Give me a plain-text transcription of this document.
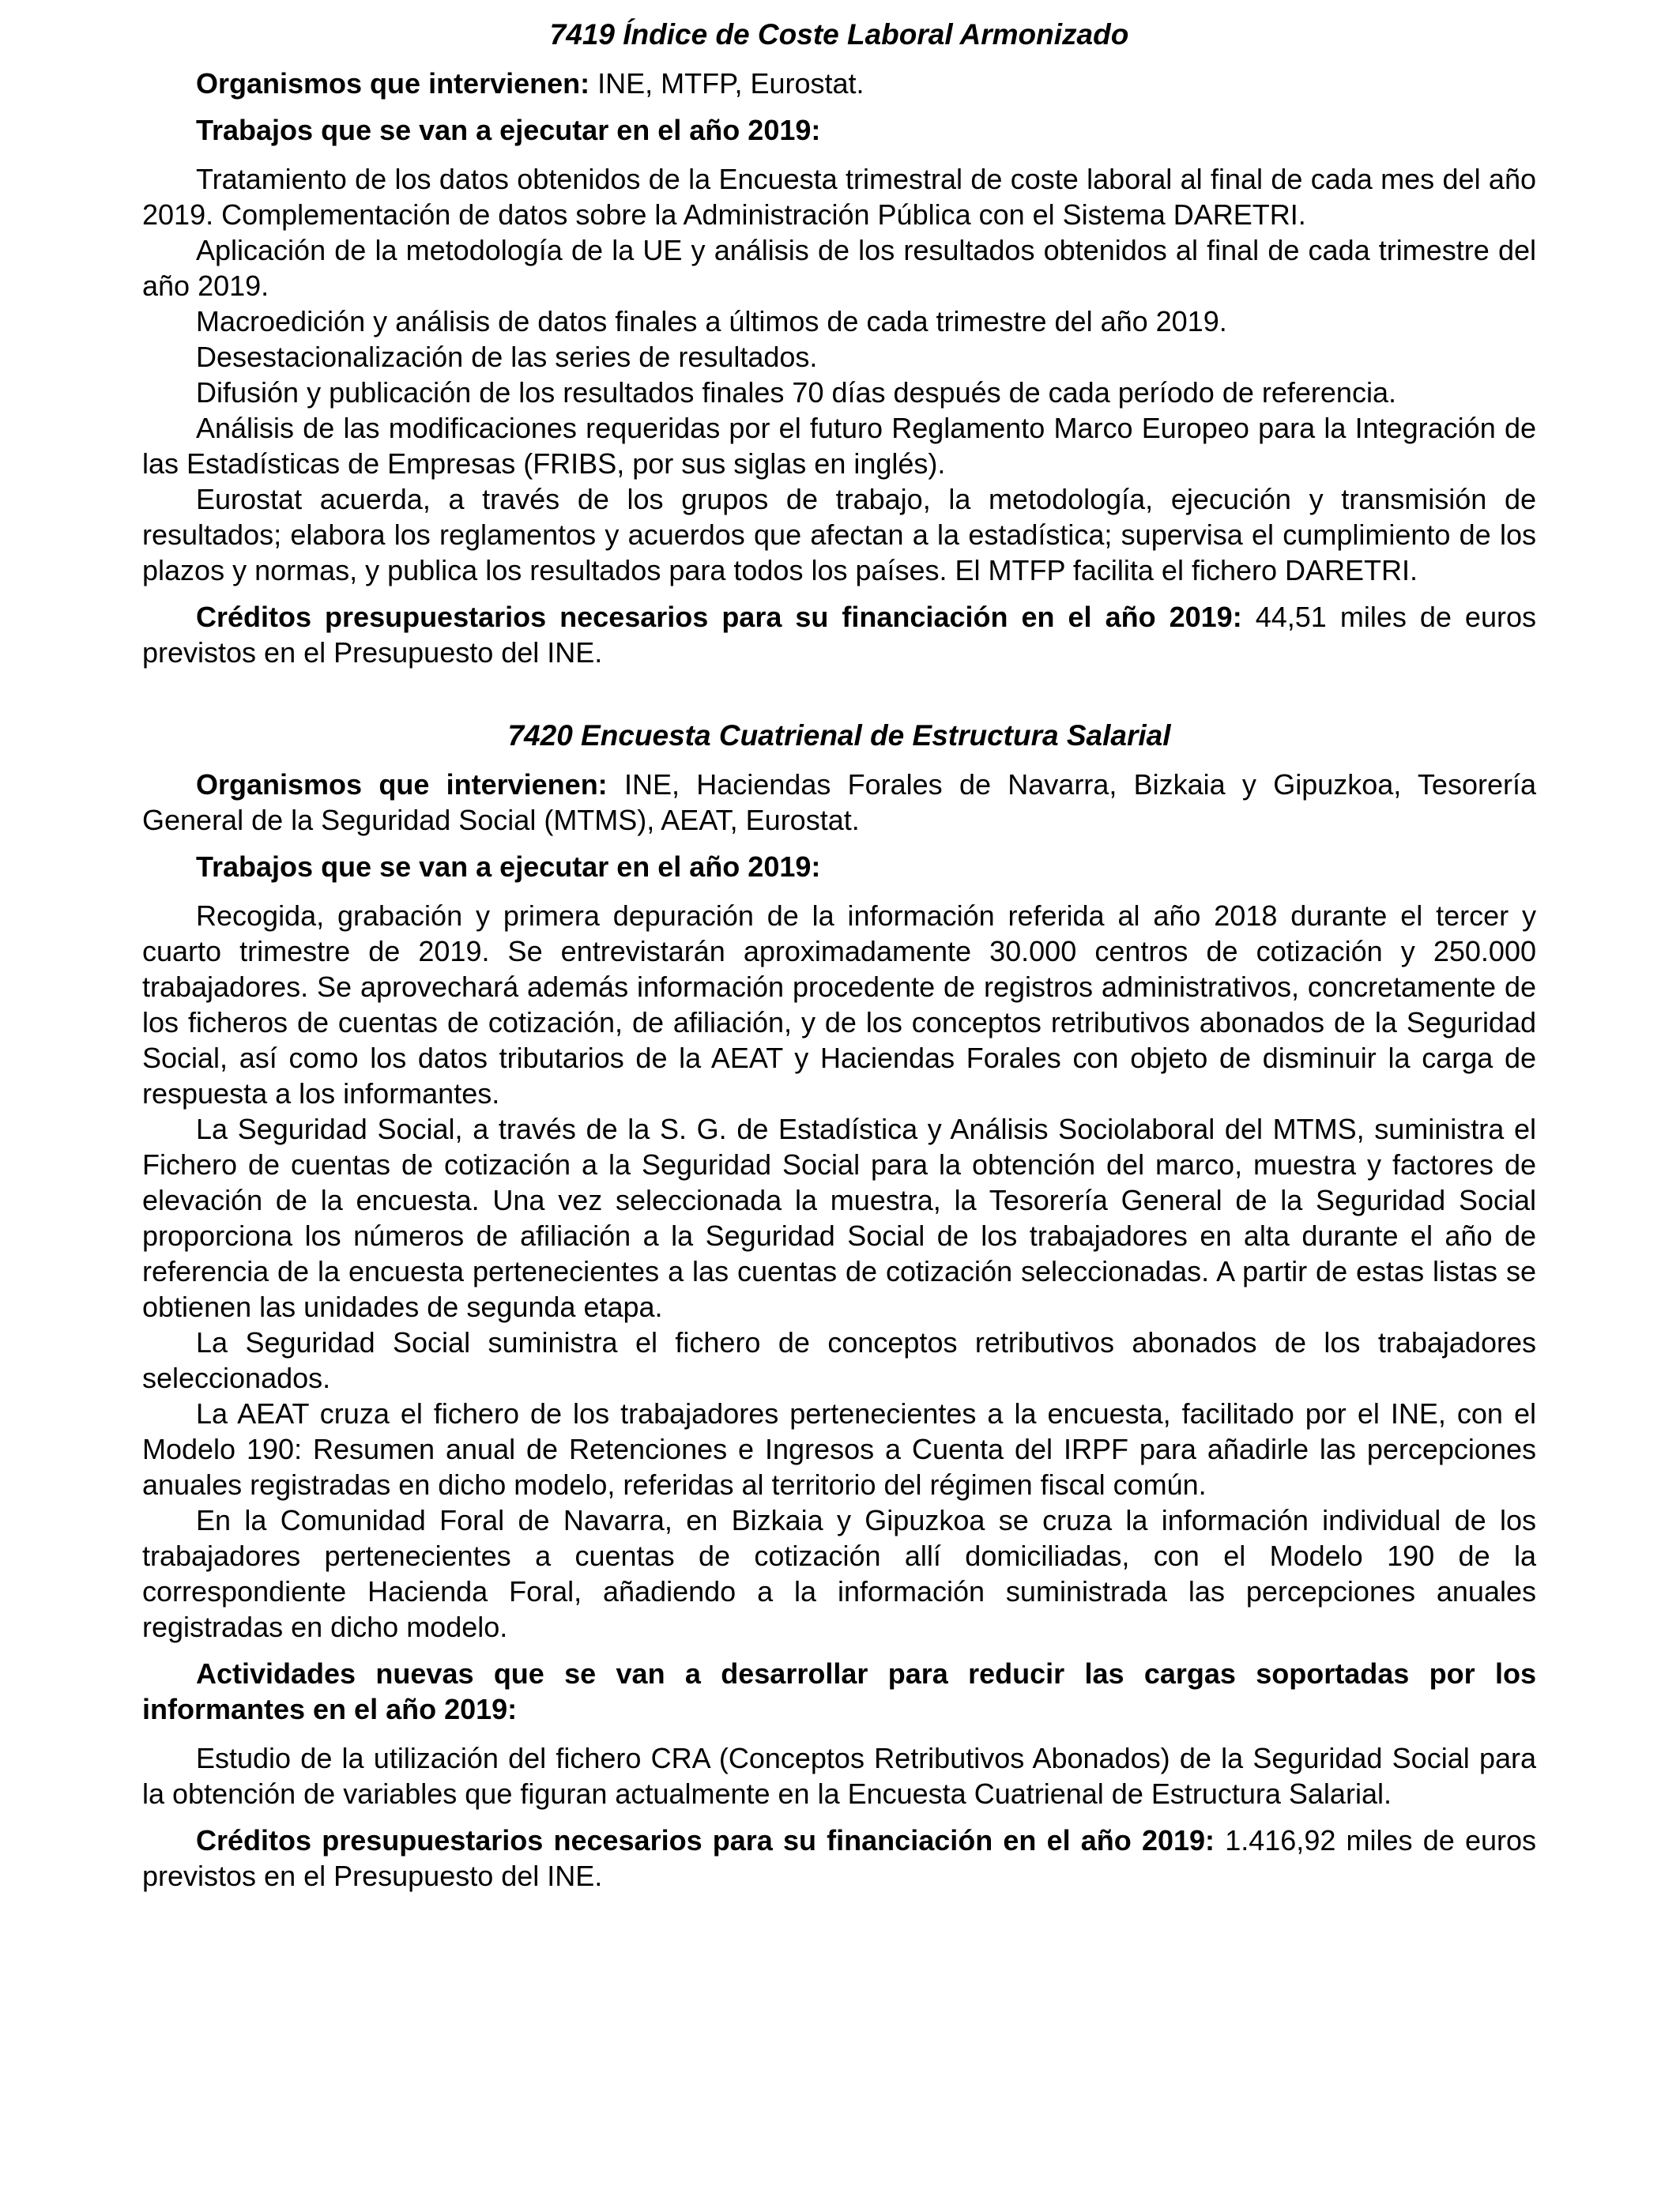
7419 Índice de Coste Laboral Armonizado

Organismos que intervienen: INE, MTFP, Eurostat.

Trabajos que se van a ejecutar en el año 2019:

Tratamiento de los datos obtenidos de la Encuesta trimestral de coste laboral al final de cada mes del año 2019. Complementación de datos sobre la Administración Pública con el Sistema DARETRI.

Aplicación de la metodología de la UE y análisis de los resultados obtenidos al final de cada trimestre del año 2019.

Macroedición y análisis de datos finales a últimos de cada trimestre del año 2019.

Desestacionalización de las series de resultados.

Difusión y publicación de los resultados finales 70 días después de cada período de referencia.

Análisis de las modificaciones requeridas por el futuro Reglamento Marco Europeo para la Integración de las Estadísticas de Empresas (FRIBS, por sus siglas en inglés).

Eurostat acuerda, a través de los grupos de trabajo, la metodología, ejecución y transmisión de resultados; elabora los reglamentos y acuerdos que afectan a la estadística; supervisa el cumplimiento de los plazos y normas, y publica los resultados para todos los países. El MTFP facilita el fichero DARETRI.

Créditos presupuestarios necesarios para su financiación en el año 2019: 44,51 miles de euros previstos en el Presupuesto del INE.

7420 Encuesta Cuatrienal de Estructura Salarial

Organismos que intervienen: INE, Haciendas Forales de Navarra, Bizkaia y Gipuzkoa, Tesorería General de la Seguridad Social (MTMS), AEAT, Eurostat.

Trabajos que se van a ejecutar en el año 2019:

Recogida, grabación y primera depuración de la información referida al año 2018 durante el tercer y cuarto trimestre de 2019. Se entrevistarán aproximadamente 30.000 centros de cotización y 250.000 trabajadores. Se aprovechará además información procedente de registros administrativos, concretamente de los ficheros de cuentas de cotización, de afiliación, y de los conceptos retributivos abonados de la Seguridad Social, así como los datos tributarios de la AEAT y Haciendas Forales con objeto de disminuir la carga de respuesta a los informantes.

La Seguridad Social, a través de la S. G. de Estadística y Análisis Sociolaboral del MTMS, suministra el Fichero de cuentas de cotización a la Seguridad Social para la obtención del marco, muestra y factores de elevación de la encuesta. Una vez seleccionada la muestra, la Tesorería General de la Seguridad Social proporciona los números de afiliación a la Seguridad Social de los trabajadores en alta durante el año de referencia de la encuesta pertenecientes a las cuentas de cotización seleccionadas. A partir de estas listas se obtienen las unidades de segunda etapa.

La Seguridad Social suministra el fichero de conceptos retributivos abonados de los trabajadores seleccionados.

La AEAT cruza el fichero de los trabajadores pertenecientes a la encuesta, facilitado por el INE, con el Modelo 190: Resumen anual de Retenciones e Ingresos a Cuenta del IRPF para añadirle las percepciones anuales registradas en dicho modelo, referidas al territorio del régimen fiscal común.

En la Comunidad Foral de Navarra, en Bizkaia y Gipuzkoa se cruza la información individual de los trabajadores pertenecientes a cuentas de cotización allí domiciliadas, con el Modelo 190 de la correspondiente Hacienda Foral, añadiendo a la información suministrada las percepciones anuales registradas en dicho modelo.

Actividades nuevas que se van a desarrollar para reducir las cargas soportadas por los informantes en el año 2019:

Estudio de la utilización del fichero CRA (Conceptos Retributivos Abonados) de la Seguridad Social para la obtención de variables que figuran actualmente en la Encuesta Cuatrienal de Estructura Salarial.

Créditos presupuestarios necesarios para su financiación en el año 2019: 1.416,92 miles de euros previstos en el Presupuesto del INE.
